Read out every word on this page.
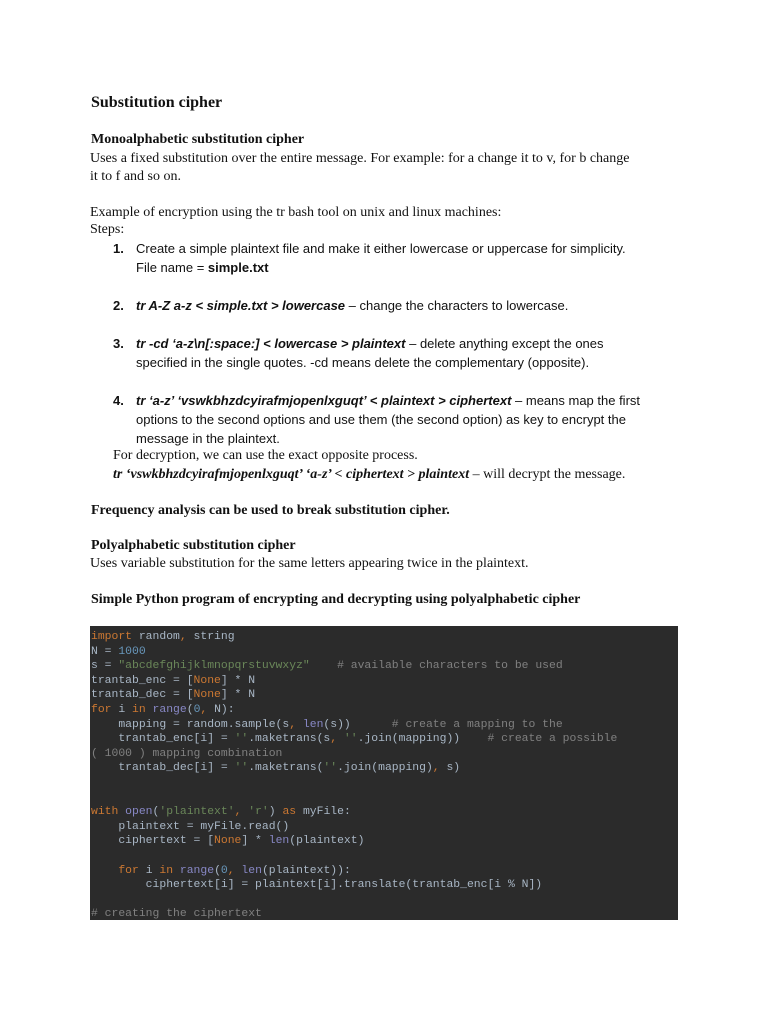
Substitution cipher
Monoalphabetic substitution cipher
Uses a fixed substitution over the entire message. For example: for a change it to v, for b change
it to f and so on.
Example of encryption using the tr bash tool on unix and linux machines:
Steps:
1. Create a simple plaintext file and make it either lowercase or uppercase for simplicity.
File name = simple.txt
2. tr A-Z a-z < simple.txt > lowercase – change the characters to lowercase.
3. tr -cd ‘a-z\n[:space:] < lowercase > plaintext – delete anything except the ones
specified in the single quotes. -cd means delete the complementary (opposite).
4. tr ‘a-z’ ‘vswkbhzdcyirafmjopenlxguqt’ < plaintext > ciphertext – means map the first
options to the second options and use them (the second option) as key to encrypt the
message in the plaintext.
For decryption, we can use the exact opposite process.
tr ‘vswkbhzdcyirafmjopenlxguqt’ ‘a-z’ < ciphertext > plaintext – will decrypt the message.
Frequency analysis can be used to break substitution cipher.
Polyalphabetic substitution cipher
Uses variable substitution for the same letters appearing twice in the plaintext.
Simple Python program of encrypting and decrypting using polyalphabetic cipher
import random, string
N = 1000
s = "abcdefghijklmnopqrstuvwxyz"    # available characters to be used
trantab_enc = [None] * N
trantab_dec = [None] * N
for i in range(0, N):
mapping = random.sample(s, len(s))      # create a mapping to the
trantab_enc[i] = ''.maketrans(s, ''.join(mapping))    # create a possible
( 1000 ) mapping combination
trantab_dec[i] = ''.maketrans(''.join(mapping), s)

with open('plaintext', 'r') as myFile:
plaintext = myFile.read()
ciphertext = [None] * len(plaintext)

for i in range(0, len(plaintext)):
ciphertext[i] = plaintext[i].translate(trantab_enc[i % N])

# creating the ciphertext
